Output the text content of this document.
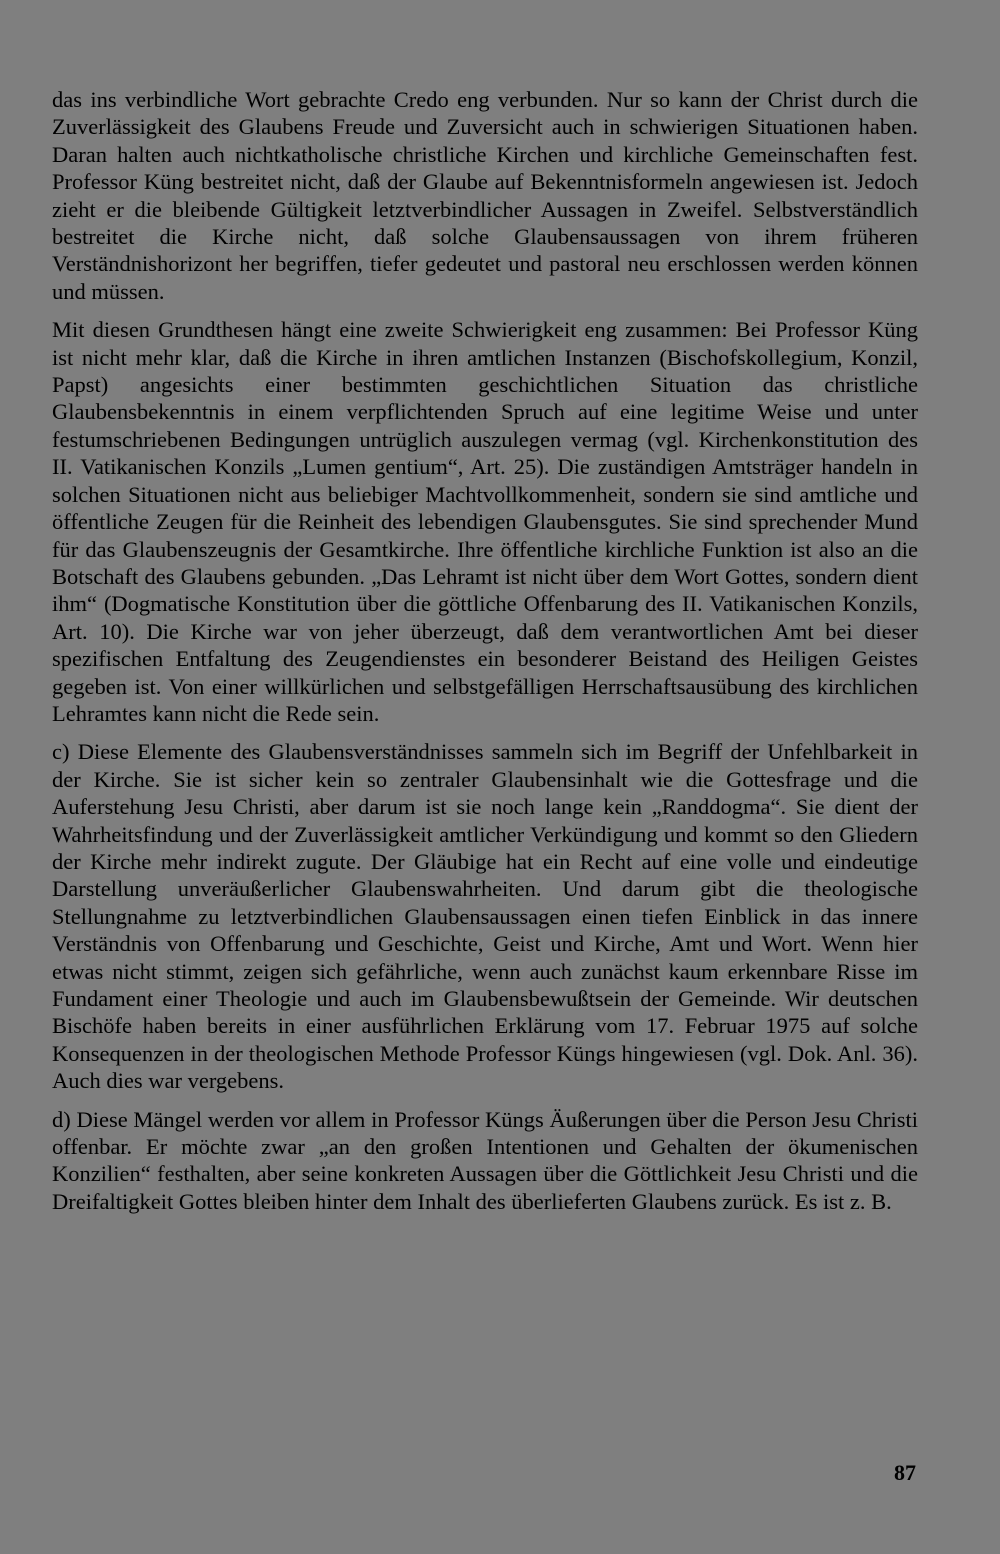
das ins verbindliche Wort gebrachte Credo eng verbunden. Nur so kann der Christ durch die Zuverlässigkeit des Glaubens Freude und Zuversicht auch in schwierigen Situationen haben. Daran halten auch nichtkatholische christliche Kirchen und kirchliche Gemeinschaften fest. Professor Küng bestreitet nicht, daß der Glaube auf Bekenntnisformeln angewiesen ist. Jedoch zieht er die bleibende Gültigkeit letztverbindlicher Aussagen in Zweifel. Selbstverständlich bestreitet die Kirche nicht, daß solche Glaubensaussagen von ihrem früheren Verständnishorizont her begriffen, tiefer gedeutet und pastoral neu erschlossen werden können und müssen.

Mit diesen Grundthesen hängt eine zweite Schwierigkeit eng zusammen: Bei Professor Küng ist nicht mehr klar, daß die Kirche in ihren amtlichen Instanzen (Bischofskollegium, Konzil, Papst) angesichts einer bestimmten geschichtlichen Situation das christliche Glaubensbekenntnis in einem verpflichtenden Spruch auf eine legitime Weise und unter festumschriebenen Bedingungen untrüglich auszulegen vermag (vgl. Kirchenkonstitution des II. Vatikanischen Konzils „Lumen gentium“, Art. 25). Die zuständigen Amtsträger handeln in solchen Situationen nicht aus beliebiger Machtvollkommenheit, sondern sie sind amtliche und öffentliche Zeugen für die Reinheit des lebendigen Glaubensgutes. Sie sind sprechender Mund für das Glaubenszeugnis der Gesamtkirche. Ihre öffentliche kirchliche Funktion ist also an die Botschaft des Glaubens gebunden. „Das Lehramt ist nicht über dem Wort Gottes, sondern dient ihm“ (Dogmatische Konstitution über die göttliche Offenbarung des II. Vatikanischen Konzils, Art. 10). Die Kirche war von jeher überzeugt, daß dem verantwortlichen Amt bei dieser spezifischen Entfaltung des Zeugendienstes ein besonderer Beistand des Heiligen Geistes gegeben ist. Von einer willkürlichen und selbstgefälligen Herrschaftsausübung des kirchlichen Lehramtes kann nicht die Rede sein.

c) Diese Elemente des Glaubensverständnisses sammeln sich im Begriff der Unfehlbarkeit in der Kirche. Sie ist sicher kein so zentraler Glaubensinhalt wie die Gottesfrage und die Auferstehung Jesu Christi, aber darum ist sie noch lange kein „Randdogma“. Sie dient der Wahrheitsfindung und der Zuverlässigkeit amtlicher Verkündigung und kommt so den Gliedern der Kirche mehr indirekt zugute. Der Gläubige hat ein Recht auf eine volle und eindeutige Darstellung unveräußerlicher Glaubenswahrheiten. Und darum gibt die theologische Stellungnahme zu letztverbindlichen Glaubensaussagen einen tiefen Einblick in das innere Verständnis von Offenbarung und Geschichte, Geist und Kirche, Amt und Wort. Wenn hier etwas nicht stimmt, zeigen sich gefährliche, wenn auch zunächst kaum erkennbare Risse im Fundament einer Theologie und auch im Glaubensbewußtsein der Gemeinde. Wir deutschen Bischöfe haben bereits in einer ausführlichen Erklärung vom 17. Februar 1975 auf solche Konsequenzen in der theologischen Methode Professor Küngs hingewiesen (vgl. Dok. Anl. 36). Auch dies war vergebens.

d) Diese Mängel werden vor allem in Professor Küngs Äußerungen über die Person Jesu Christi offenbar. Er möchte zwar „an den großen Intentionen und Gehalten der ökumenischen Konzilien“ festhalten, aber seine konkreten Aussagen über die Göttlichkeit Jesu Christi und die Dreifaltigkeit Gottes bleiben hinter dem Inhalt des überlieferten Glaubens zurück. Es ist z. B.

87
